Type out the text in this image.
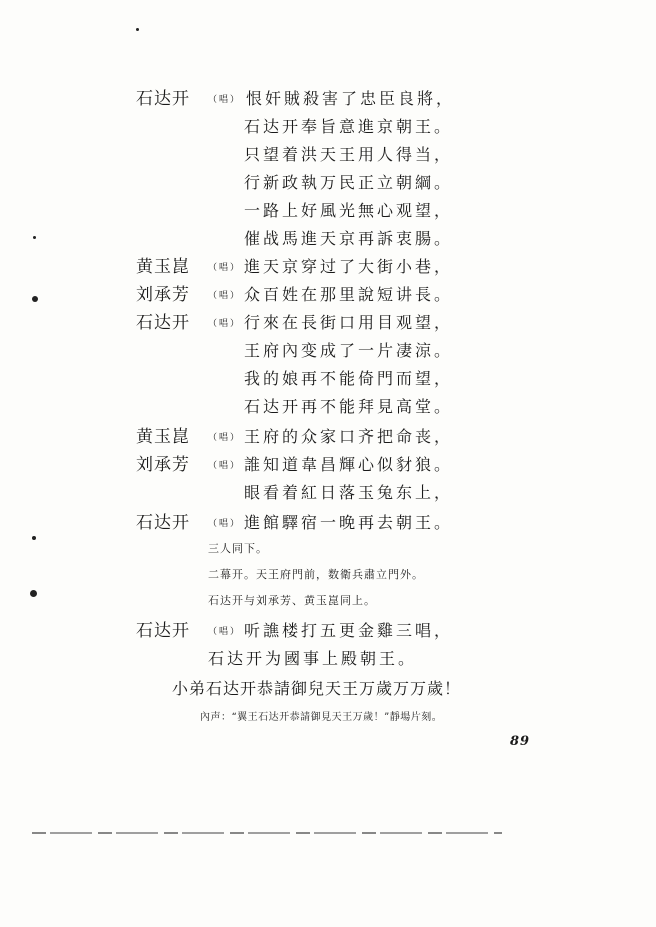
石达开 （唱） 恨奸賊殺害了忠臣良將，
石达开奉旨意進京朝王。
只望着洪天王用人得当，
行新政執万民正立朝綱。
一路上好風光無心观望，
催战馬進天京再訴衷腸。
黄玉崑 （唱） 進天京穿过了大街小巷，
刘承芳 （唱） 众百姓在那里說短讲長。
石达开 （唱） 行來在長街口用目观望，
王府內变成了一片凄涼。
我的娘再不能倚門而望，
石达开再不能拜見高堂。
黄玉崑 （唱） 王府的众家口齐把命丧，
刘承芳 （唱） 誰知道韋昌輝心似豺狼。
眼看着紅日落玉兔东上，
石达开 （唱） 進館驛宿一晚再去朝王。
三人同下。
二幕开。天王府門前，数衛兵肅立門外。
石达开与刘承芳、黄玉崑同上。
石达开 （唱） 听譙楼打五更金雞三唱，
石达开为國事上殿朝王。
小弟石达开恭請御兒天王万歲万万歲！
內声：“翼王石达开恭請御見天王万歲！”靜場片刻。
89
